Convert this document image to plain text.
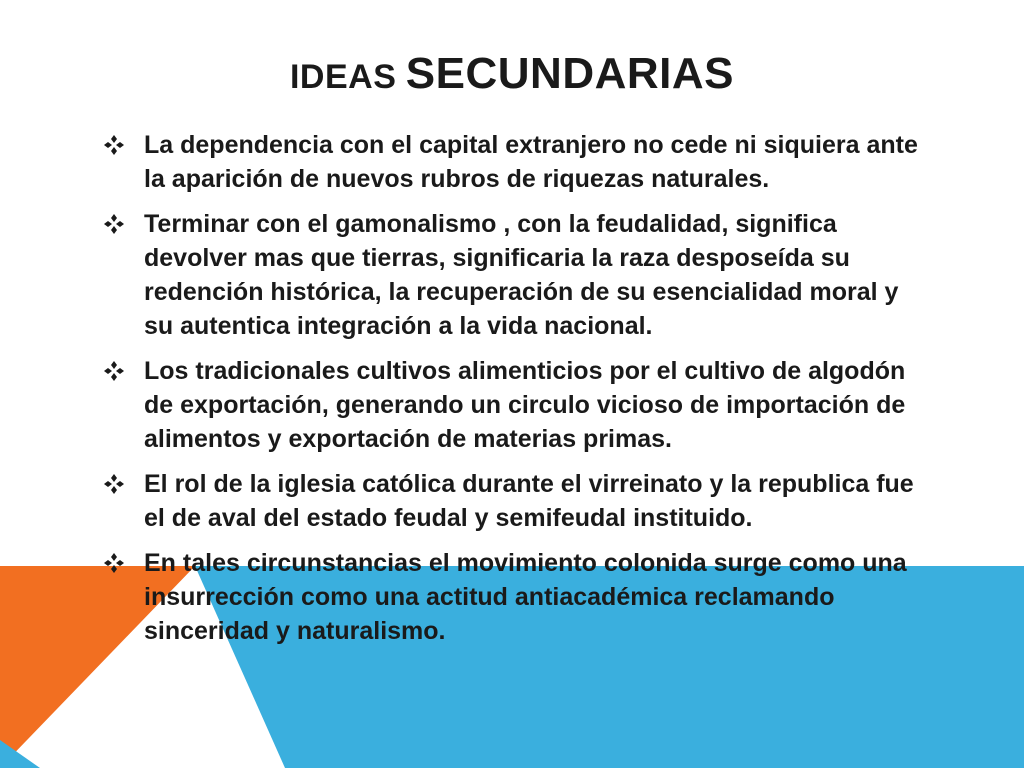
IDEAS SECUNDARIAS
La dependencia con el capital extranjero no cede ni siquiera ante la aparición de nuevos rubros de riquezas naturales.
Terminar con el gamonalismo , con la feudalidad, significa devolver mas que tierras, significaria la raza desposeída su redención histórica, la recuperación de su esencialidad moral y su autentica integración a la vida nacional.
Los tradicionales cultivos alimenticios por el cultivo de algodón de exportación, generando un circulo vicioso de importación de alimentos y exportación de materias primas.
El rol de la iglesia católica durante el virreinato y la republica fue el de aval del estado feudal y semifeudal instituido.
En tales circunstancias el movimiento colonida surge como una insurrección como una actitud antiacadémica reclamando sinceridad y naturalismo.
